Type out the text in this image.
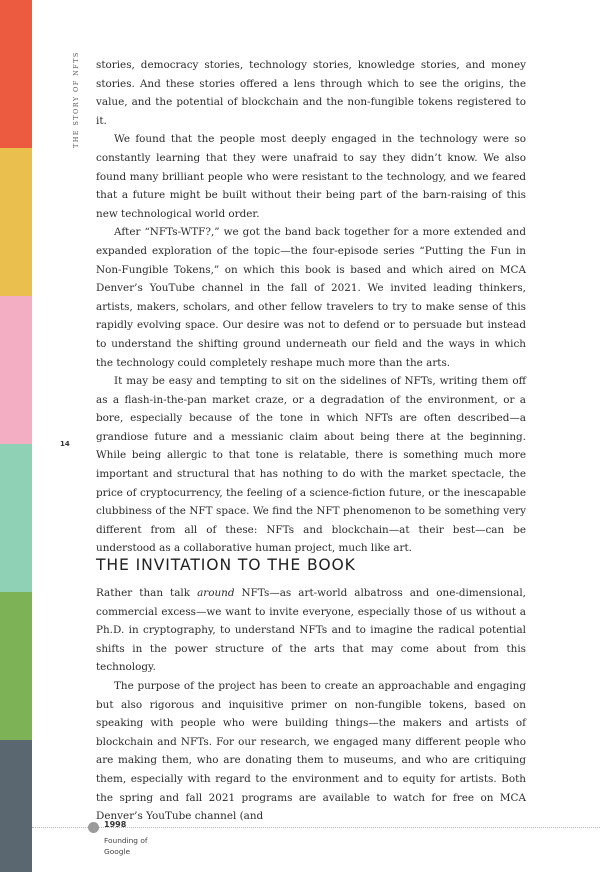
THE STORY OF NFTS
14

stories, democracy stories, technology stories, knowledge stories, and money stories. And these stories offered a lens through which to see the origins, the value, and the potential of blockchain and the non-fungible tokens registered to it.

We found that the people most deeply engaged in the technology were so constantly learning that they were unafraid to say they didn’t know. We also found many brilliant people who were resistant to the technology, and we feared that a future might be built without their being part of the barn-raising of this new technological world order.

After “NFTs-WTF?,” we got the band back together for a more extended and expanded exploration of the topic—the four-episode series “Putting the Fun in Non-Fungible Tokens,” on which this book is based and which aired on MCA Denver’s YouTube channel in the fall of 2021. We invited leading thinkers, artists, makers, scholars, and other fellow travelers to try to make sense of this rapidly evolving space. Our desire was not to defend or to persuade but instead to understand the shifting ground underneath our field and the ways in which the technology could completely reshape much more than the arts.

It may be easy and tempting to sit on the sidelines of NFTs, writing them off as a flash-in-the-pan market craze, or a degradation of the environment, or a bore, especially because of the tone in which NFTs are often described—a grandiose future and a messianic claim about being there at the beginning. While being allergic to that tone is relatable, there is something much more important and structural that has nothing to do with the market spectacle, the price of cryptocurrency, the feeling of a science-fiction future, or the inescapable clubbiness of the NFT space. We find the NFT phenomenon to be something very different from all of these: NFTs and blockchain—at their best—can be understood as a collaborative human project, much like art.

THE INVITATION TO THE BOOK

Rather than talk around NFTs—as art-world albatross and one-dimensional, commercial excess—we want to invite everyone, especially those of us without a Ph.D. in cryptography, to understand NFTs and to imagine the radical potential shifts in the power structure of the arts that may come about from this technology.

The purpose of the project has been to create an approachable and engaging but also rigorous and inquisitive primer on non-fungible tokens, based on speaking with people who were building things—the makers and artists of blockchain and NFTs. For our research, we engaged many different people who are making them, who are donating them to museums, and who are critiquing them, especially with regard to the environment and to equity for artists. Both the spring and fall 2021 programs are available to watch for free on MCA Denver’s YouTube channel (and

1998
Founding of Google
